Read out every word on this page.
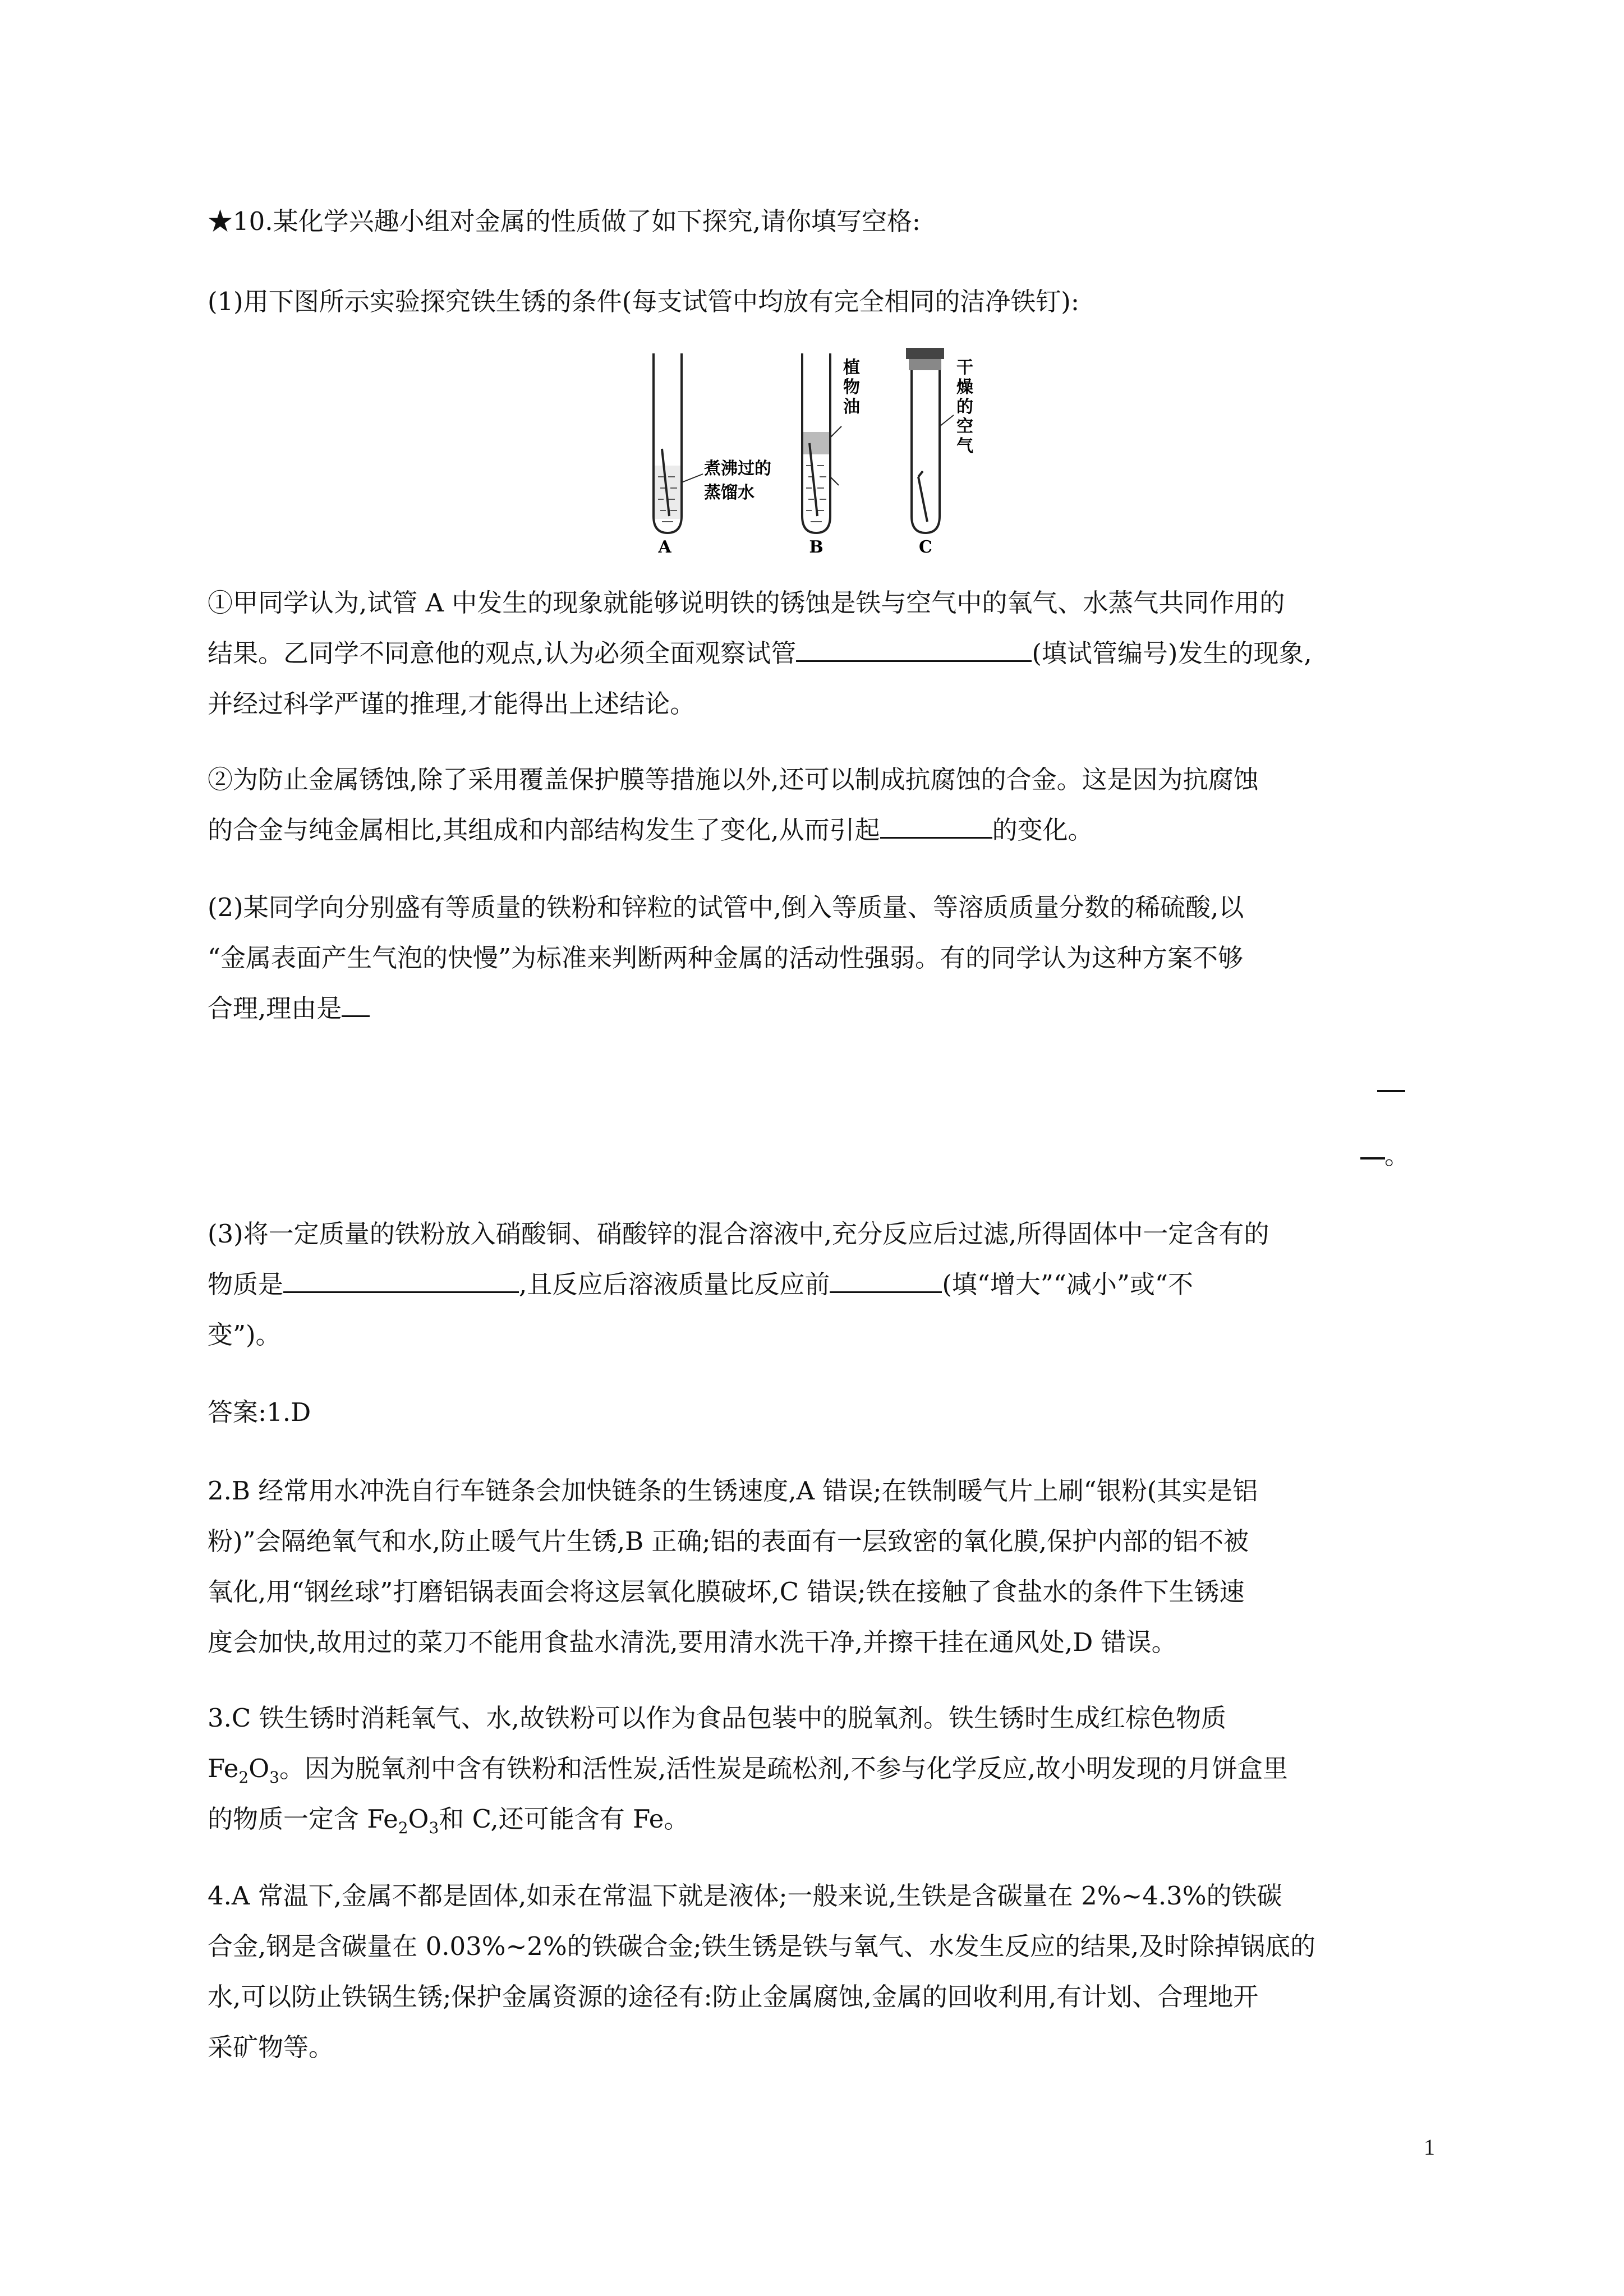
★10.某化学兴趣小组对金属的性质做了如下探究,请你填写空格:
(1)用下图所示实验探究铁生锈的条件(每支试管中均放有完全相同的洁净铁钉):
A
煮沸过的
蒸馏水
B
植
物
油
C
干
燥
的
空
气
①甲同学认为,试管 A 中发生的现象就能够说明铁的锈蚀是铁与空气中的氧气、水蒸气共同作用的
结果。乙同学不同意他的观点,认为必须全面观察试管	(填试管编号)发生的现象,
并经过科学严谨的推理,才能得出上述结论。
②为防止金属锈蚀,除了采用覆盖保护膜等措施以外,还可以制成抗腐蚀的合金。这是因为抗腐蚀
的合金与纯金属相比,其组成和内部结构发生了变化,从而引起	的变化。
(2)某同学向分别盛有等质量的铁粉和锌粒的试管中,倒入等质量、等溶质质量分数的稀硫酸,以
“金属表面产生气泡的快慢”为标准来判断两种金属的活动性强弱。有的同学认为这种方案不够
合理,理由是
。
(3)将一定质量的铁粉放入硝酸铜、硝酸锌的混合溶液中,充分反应后过滤,所得固体中一定含有的
物质是	,且反应后溶液质量比反应前	(填“增大”“减小”或“不
变”)。
答案:1.D
2.B 经常用水冲洗自行车链条会加快链条的生锈速度,A 错误;在铁制暖气片上刷“银粉(其实是铝
粉)”会隔绝氧气和水,防止暖气片生锈,B 正确;铝的表面有一层致密的氧化膜,保护内部的铝不被
氧化,用“钢丝球”打磨铝锅表面会将这层氧化膜破坏,C 错误;铁在接触了食盐水的条件下生锈速
度会加快,故用过的菜刀不能用食盐水清洗,要用清水洗干净,并擦干挂在通风处,D 错误。
3.C 铁生锈时消耗氧气、水,故铁粉可以作为食品包装中的脱氧剂。铁生锈时生成红棕色物质
$Fe_2O_3$。因为脱氧剂中含有铁粉和活性炭,活性炭是疏松剂,不参与化学反应,故小明发现的月饼盒里
的物质一定含 $Fe_2O_3$和 C,还可能含有 Fe。
4.A 常温下,金属不都是固体,如汞在常温下就是液体;一般来说,生铁是含碳量在 2%~4.3%的铁碳
合金,钢是含碳量在 0.03%~2%的铁碳合金;铁生锈是铁与氧气、水发生反应的结果,及时除掉锅底的
水,可以防止铁锅生锈;保护金属资源的途径有:防止金属腐蚀,金属的回收利用,有计划、合理地开
采矿物等。
1
